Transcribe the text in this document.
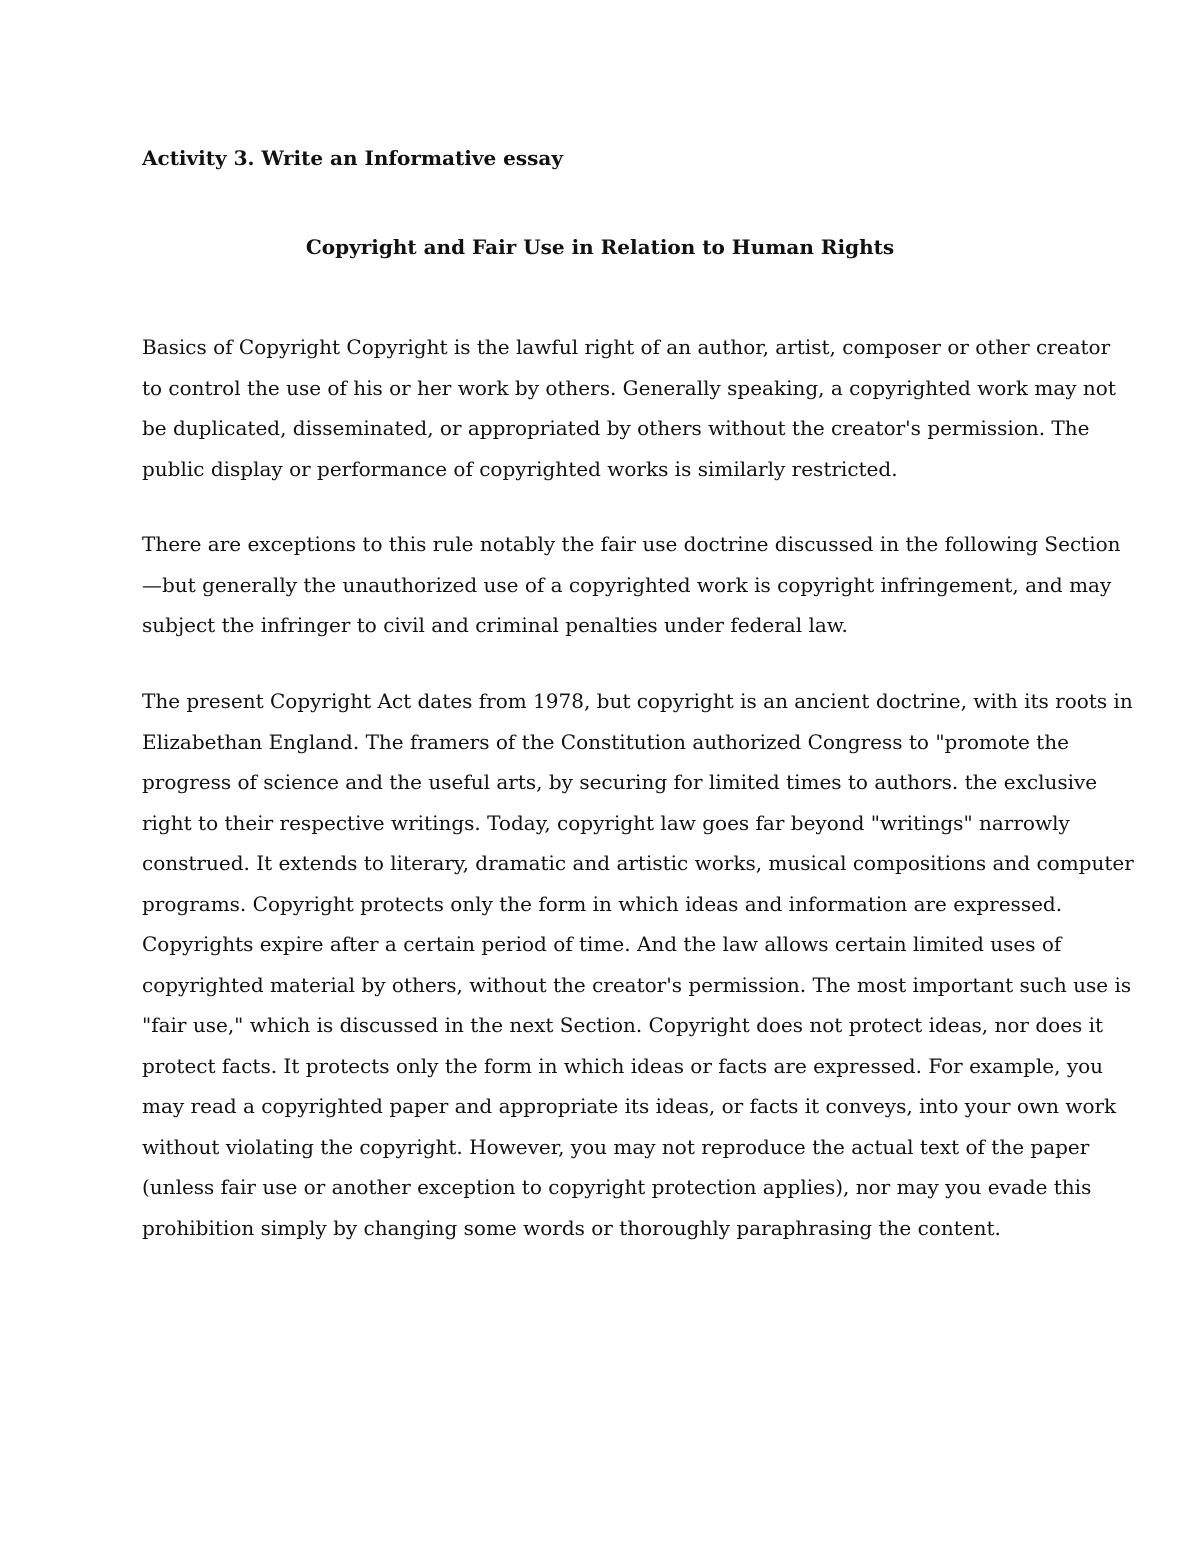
Activity 3. Write an Informative essay
Copyright and Fair Use in Relation to Human Rights

Basics of Copyright Copyright is the lawful right of an author, artist, composer or other creator
to control the use of his or her work by others. Generally speaking, a copyrighted work may not
be duplicated, disseminated, or appropriated by others without the creator's permission. The
public display or performance of copyrighted works is similarly restricted.

There are exceptions to this rule notably the fair use doctrine discussed in the following Section
—but generally the unauthorized use of a copyrighted work is copyright infringement, and may
subject the infringer to civil and criminal penalties under federal law.

The present Copyright Act dates from 1978, but copyright is an ancient doctrine, with its roots in
Elizabethan England. The framers of the Constitution authorized Congress to "promote the
progress of science and the useful arts, by securing for limited times to authors. the exclusive
right to their respective writings. Today, copyright law goes far beyond "writings" narrowly
construed. It extends to literary, dramatic and artistic works, musical compositions and computer
programs. Copyright protects only the form in which ideas and information are expressed.
Copyrights expire after a certain period of time. And the law allows certain limited uses of
copyrighted material by others, without the creator's permission. The most important such use is
"fair use," which is discussed in the next Section. Copyright does not protect ideas, nor does it
protect facts. It protects only the form in which ideas or facts are expressed. For example, you
may read a copyrighted paper and appropriate its ideas, or facts it conveys, into your own work
without violating the copyright. However, you may not reproduce the actual text of the paper
(unless fair use or another exception to copyright protection applies), nor may you evade this
prohibition simply by changing some words or thoroughly paraphrasing the content.
